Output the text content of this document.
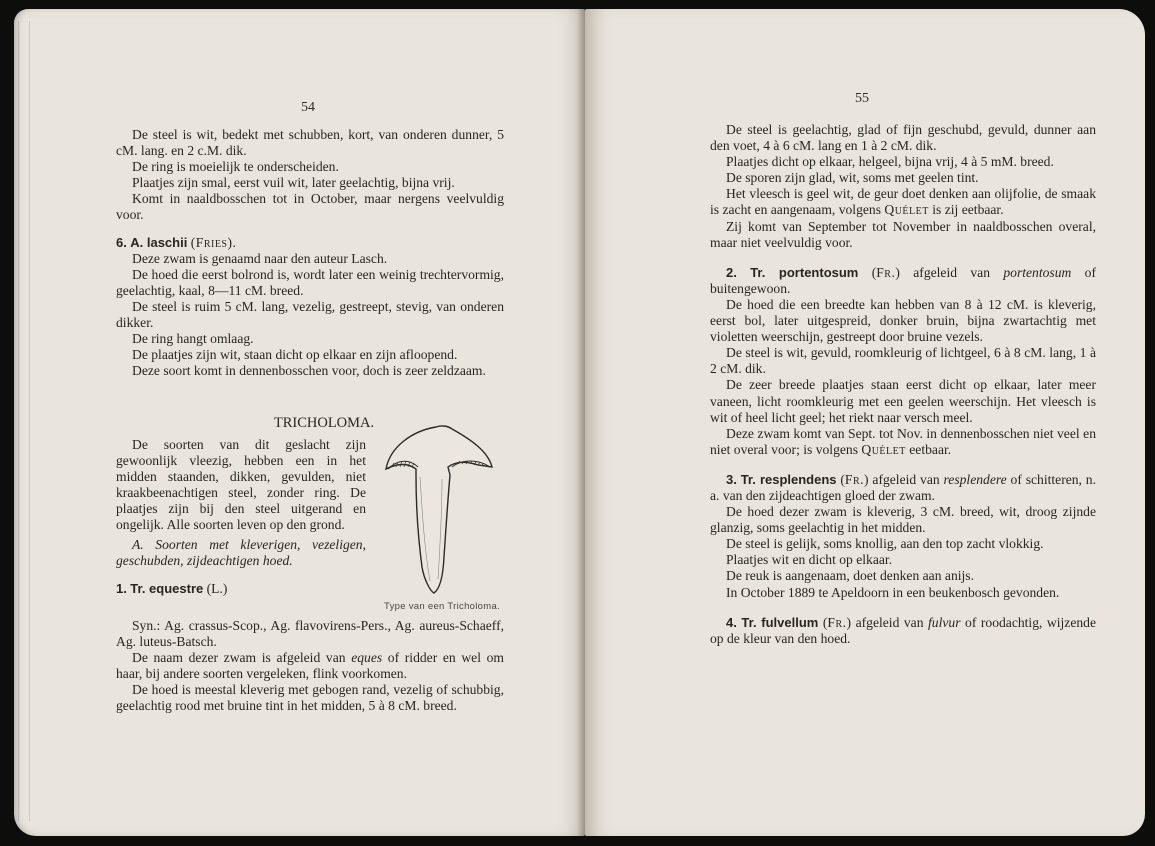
54

De steel is wit, bedekt met schubben, kort, van onderen dunner, 5 cM. lang. en 2 c.M. dik.

De ring is moeielijk te onderscheiden.

Plaatjes zijn smal, eerst vuil wit, later geelachtig, bijna vrij.

Komt in naaldbosschen tot in October, maar nergens veelvuldig voor.

6. A. laschii (Fries).

Deze zwam is genaamd naar den auteur Lasch.

De hoed die eerst bolrond is, wordt later een weinig trechtervormig, geelachtig, kaal, 8—11 cM. breed.

De steel is ruim 5 cM. lang, vezelig, gestreept, stevig, van onderen dikker.

De ring hangt omlaag.

De plaatjes zijn wit, staan dicht op elkaar en zijn afloopend.

Deze soort komt in dennenbosschen voor, doch is zeer zeldzaam.

TRICHOLOMA.

De soorten van dit geslacht zijn gewoonlijk vleezig, hebben een in het midden staanden, dikken, gevulden, niet kraakbeenachtigen steel, zonder ring. De plaatjes zijn bij den steel uitgerand en ongelijk. Alle soorten leven op den grond.

A. Soorten met kleverigen, vezeligen, geschubden, zijdeachtigen hoed.

1. Tr. equestre (L.)

Type van een Tricholoma.

Syn.: Ag. crassus-Scop., Ag. flavovirens-Pers., Ag. aureus-Schaeff, Ag. luteus-Batsch.

De naam dezer zwam is afgeleid van eques of ridder en wel om haar, bij andere soorten vergeleken, flink voorkomen.

De hoed is meestal kleverig met gebogen rand, vezelig of schubbig, geelachtig rood met bruine tint in het midden, 5 à 8 cM. breed.

55

De steel is geelachtig, glad of fijn geschubd, gevuld, dunner aan den voet, 4 à 6 cM. lang en 1 à 2 cM. dik.

Plaatjes dicht op elkaar, helgeel, bijna vrij, 4 à 5 mM. breed.

De sporen zijn glad, wit, soms met geelen tint.

Het vleesch is geel wit, de geur doet denken aan olijfolie, de smaak is zacht en aangenaam, volgens Quélet is zij eetbaar.

Zij komt van September tot November in naaldbosschen overal, maar niet veelvuldig voor.

2. Tr. portentosum (Fr.) afgeleid van portentosum of buitengewoon.

De hoed die een breedte kan hebben van 8 à 12 cM. is kleverig, eerst bol, later uitgespreid, donker bruin, bijna zwartachtig met violetten weerschijn, gestreept door bruine vezels.

De steel is wit, gevuld, roomkleurig of lichtgeel, 6 à 8 cM. lang, 1 à 2 cM. dik.

De zeer breede plaatjes staan eerst dicht op elkaar, later meer vaneen, licht roomkleurig met een geelen weerschijn. Het vleesch is wit of heel licht geel; het riekt naar versch meel.

Deze zwam komt van Sept. tot Nov. in dennenbosschen niet veel en niet overal voor; is volgens Quélet eetbaar.

3. Tr. resplendens (Fr.) afgeleid van resplendere of schitteren, n. a. van den zijdeachtigen gloed der zwam.

De hoed dezer zwam is kleverig, 3 cM. breed, wit, droog zijnde glanzig, soms geelachtig in het midden.

De steel is gelijk, soms knollig, aan den top zacht vlokkig.

Plaatjes wit en dicht op elkaar.

De reuk is aangenaam, doet denken aan anijs.

In October 1889 te Apeldoorn in een beukenbosch gevonden.

4. Tr. fulvellum (Fr.) afgeleid van fulvur of roodachtig, wijzende op de kleur van den hoed.
